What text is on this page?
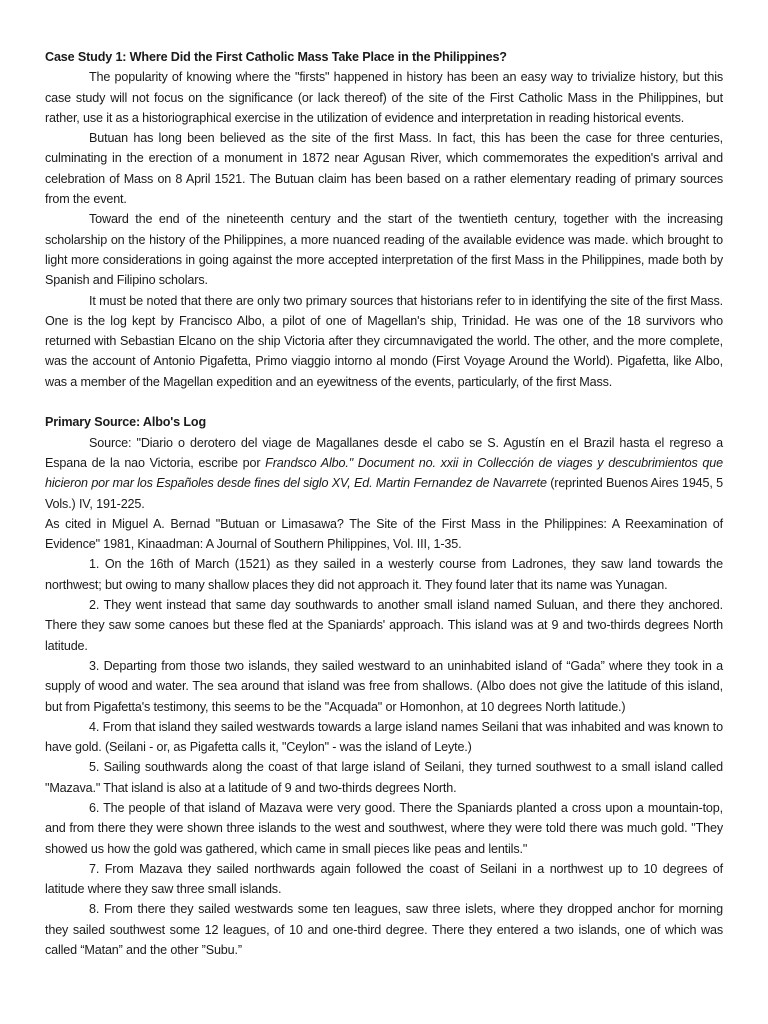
Case Study 1: Where Did the First Catholic Mass Take Place in the Philippines?

The popularity of knowing where the "firsts" happened in history has been an easy way to trivialize history, but this case study will not focus on the significance (or lack thereof) of the site of the First Catholic Mass in the Philippines, but rather, use it as a historiographical exercise in the utilization of evidence and interpretation in reading historical events.

Butuan has long been believed as the site of the first Mass. In fact, this has been the case for three centuries, culminating in the erection of a monument in 1872 near Agusan River, which commemorates the expedition's arrival and celebration of Mass on 8 April 1521. The Butuan claim has been based on a rather elementary reading of primary sources from the event.

Toward the end of the nineteenth century and the start of the twentieth century, together with the increasing scholarship on the history of the Philippines, a more nuanced reading of the available evidence was made. which brought to light more considerations in going against the more accepted interpretation of the first Mass in the Philippines, made both by Spanish and Filipino scholars.

It must be noted that there are only two primary sources that historians refer to in identifying the site of the first Mass. One is the log kept by Francisco Albo, a pilot of one of Magellan's ship, Trinidad. He was one of the 18 survivors who returned with Sebastian Elcano on the ship Victoria after they circumnavigated the world. The other, and the more complete, was the account of Antonio Pigafetta, Primo viaggio intorno al mondo (First Voyage Around the World). Pigafetta, like Albo, was a member of the Magellan expedition and an eyewitness of the events, particularly, of the first Mass.

Primary Source: Albo's Log

Source: "Diario o derotero del viage de Magallanes desde el cabo se S. Agustín en el Brazil hasta el regreso a Espana de la nao Victoria, escribe por Frandsco Albo." Document no. xxii in Collección de viages y descubrimientos que hicieron por mar los Españoles desde fines del siglo XV, Ed. Martin Fernandez de Navarrete (reprinted Buenos Aires 1945, 5 Vols.) IV, 191-225.

As cited in Miguel A. Bernad "Butuan or Limasawa? The Site of the First Mass in the Philippines: A Reexamination of Evidence" 1981, Kinaadman: A Journal of Southern Philippines, Vol. III, 1-35.

1. On the 16th of March (1521) as they sailed in a westerly course from Ladrones, they saw land towards the northwest; but owing to many shallow places they did not approach it. They found later that its name was Yunagan.

2. They went instead that same day southwards to another small island named Suluan, and there they anchored. There they saw some canoes but these fled at the Spaniards' approach. This island was at 9 and two-thirds degrees North latitude.

3. Departing from those two islands, they sailed westward to an uninhabited island of “Gada” where they took in a supply of wood and water. The sea around that island was free from shallows. (Albo does not give the latitude of this island, but from Pigafetta's testimony, this seems to be the "Acquada" or Homonhon, at 10 degrees North latitude.)

4. From that island they sailed westwards towards a large island names Seilani that was inhabited and was known to have gold. (Seilani - or, as Pigafetta calls it, "Ceylon" - was the island of Leyte.)

5. Sailing southwards along the coast of that large island of Seilani, they turned southwest to a small island called "Mazava." That island is also at a latitude of 9 and two-thirds degrees North.

6. The people of that island of Mazava were very good. There the Spaniards planted a cross upon a mountain-top, and from there they were shown three islands to the west and southwest, where they were told there was much gold. "They showed us how the gold was gathered, which came in small pieces like peas and lentils."

7. From Mazava they sailed northwards again followed the coast of Seilani in a northwest up to 10 degrees of latitude where they saw three small islands.

8. From there they sailed westwards some ten leagues, saw three islets, where they dropped anchor for morning they sailed southwest some 12 leagues, of 10 and one-third degree. There they entered a two islands, one of which was called “Matan” and the other ”Subu.”
